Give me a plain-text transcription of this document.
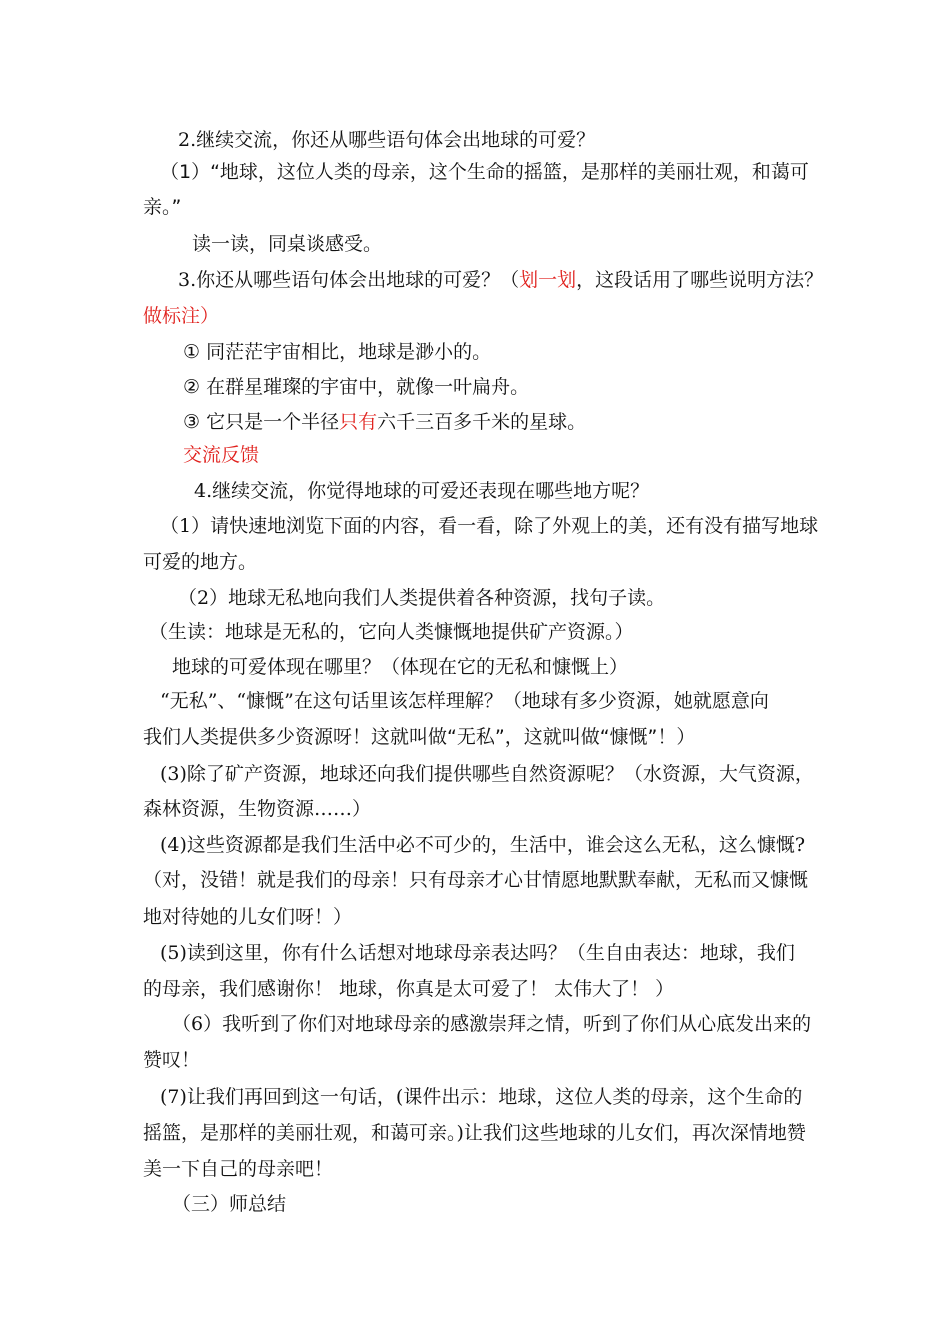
2.继续交流，你还从哪些语句体会出地球的可爱？
（1）“地球，这位人类的母亲，这个生命的摇篮，是那样的美丽壮观，和蔼可
亲。”
读一读，同桌谈感受。
3.你还从哪些语句体会出地球的可爱？（划一划，这段话用了哪些说明方法？
做标注）
① 同茫茫宇宙相比，地球是渺小的。
② 在群星璀璨的宇宙中，就像一叶扁舟。
③ 它只是一个半径只有六千三百多千米的星球。
交流反馈
4.继续交流，你觉得地球的可爱还表现在哪些地方呢？
（1）请快速地浏览下面的内容，看一看，除了外观上的美，还有没有描写地球
可爱的地方。
（2）地球无私地向我们人类提供着各种资源，找句子读。
（生读：地球是无私的，它向人类慷慨地提供矿产资源。）
地球的可爱体现在哪里？（体现在它的无私和慷慨上）
“无私”、“慷慨”在这句话里该怎样理解？（地球有多少资源，她就愿意向
我们人类提供多少资源呀！这就叫做“无私”，这就叫做“慷慨”！）
(3)除了矿产资源，地球还向我们提供哪些自然资源呢？（水资源，大气资源，
森林资源，生物资源……）
(4)这些资源都是我们生活中必不可少的，生活中，谁会这么无私，这么慷慨?
（对，没错！就是我们的母亲！只有母亲才心甘情愿地默默奉献，无私而又慷慨
地对待她的儿女们呀！）
(5)读到这里，你有什么话想对地球母亲表达吗？（生自由表达：地球，我们
的母亲，我们感谢你！ 地球，你真是太可爱了！ 太伟大了！ ）
（6）我听到了你们对地球母亲的感激崇拜之情，听到了你们从心底发出来的
赞叹！
(7)让我们再回到这一句话，(课件出示：地球，这位人类的母亲，这个生命的
摇篮，是那样的美丽壮观，和蔼可亲。)让我们这些地球的儿女们，再次深情地赞
美一下自己的母亲吧！
（三）师总结
